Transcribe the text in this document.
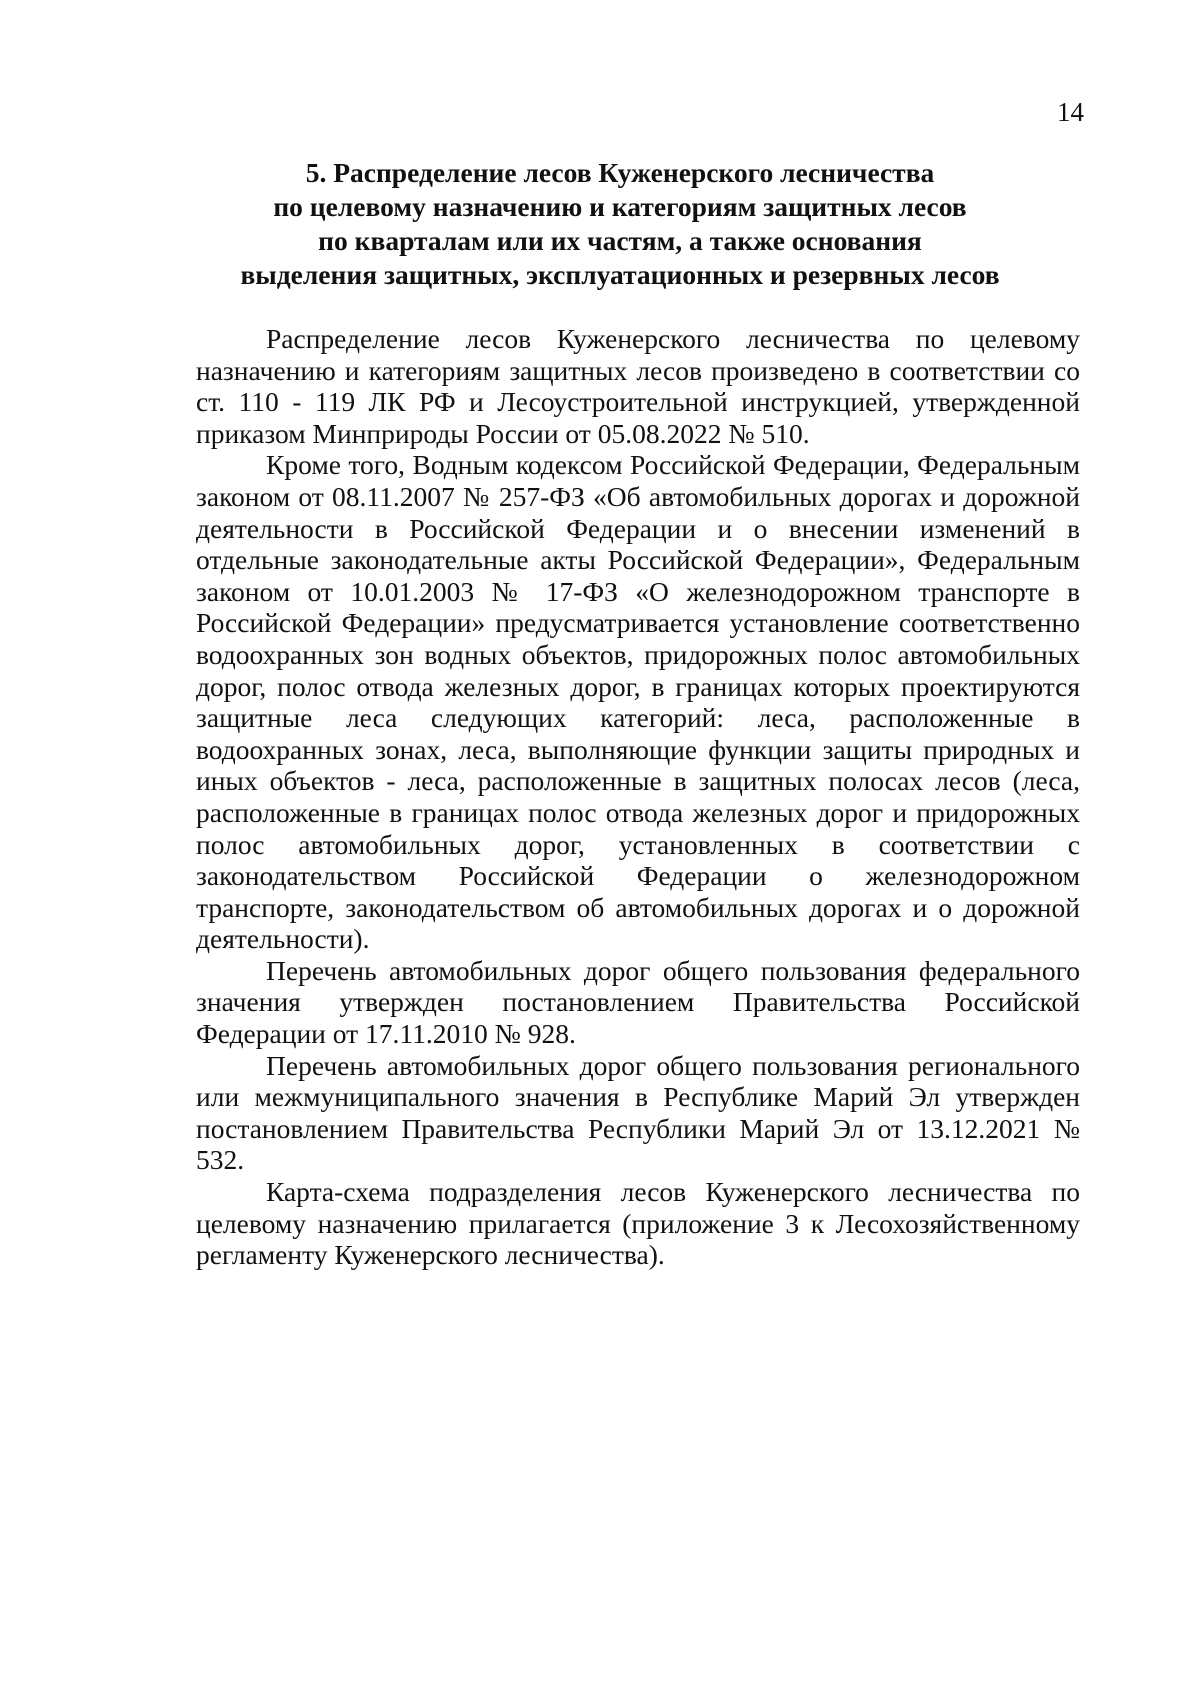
14
5. Распределение лесов Куженерского лесничества
по целевому назначению и категориям защитных лесов
по кварталам или их частям, а также основания
выделения защитных, эксплуатационных и резервных лесов

Распределение лесов Куженерского лесничества по целевому назначению и категориям защитных лесов произведено в соответствии со ст. 110 - 119 ЛК РФ и Лесоустроительной инструкцией, утвержденной приказом Минприроды России от 05.08.2022 № 510.

Кроме того, Водным кодексом Российской Федерации, Федеральным законом от 08.11.2007 № 257-ФЗ «Об автомобильных дорогах и дорожной деятельности в Российской Федерации и о внесении изменений в отдельные законодательные акты Российской Федерации», Федеральным законом от 10.01.2003 № 17-ФЗ «О железнодорожном транспорте в Российской Федерации» предусматривается установление соответственно водоохранных зон водных объектов, придорожных полос автомобильных дорог, полос отвода железных дорог, в границах которых проектируются защитные леса следующих категорий: леса, расположенные в водоохранных зонах, леса, выполняющие функции защиты природных и иных объектов - леса, расположенные в защитных полосах лесов (леса, расположенные в границах полос отвода железных дорог и придорожных полос автомобильных дорог, установленных в соответствии с законодательством Российской Федерации о железнодорожном транспорте, законодательством об автомобильных дорогах и о дорожной деятельности).

Перечень автомобильных дорог общего пользования федерального значения утвержден постановлением Правительства Российской Федерации от 17.11.2010 № 928.

Перечень автомобильных дорог общего пользования регионального или межмуниципального значения в Республике Марий Эл утвержден постановлением Правительства Республики Марий Эл от 13.12.2021 № 532.

Карта-схема подразделения лесов Куженерского лесничества по целевому назначению прилагается (приложение 3 к Лесохозяйственному регламенту Куженерского лесничества).
